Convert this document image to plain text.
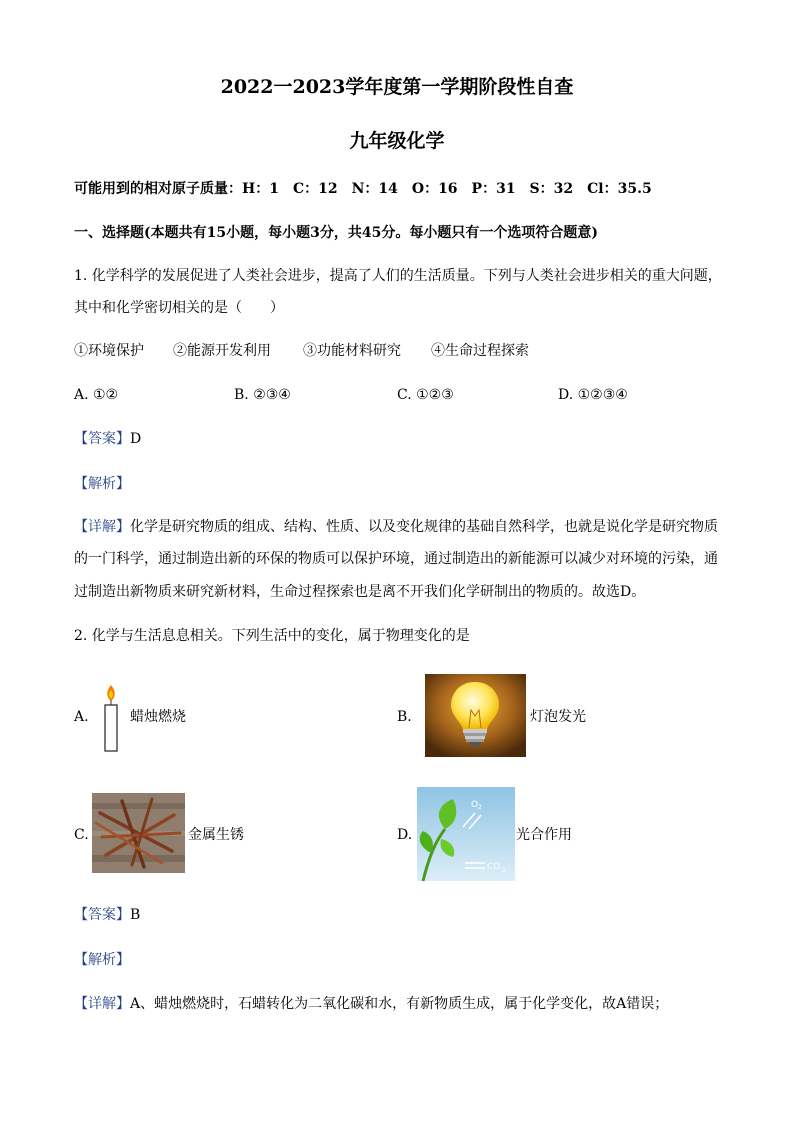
2022一2023学年度第一学期阶段性自查
九年级化学
可能用到的相对原子质量：H：1　C：12　N：14　O：16　P：31　S：32　Cl：35.5
一、选择题(本题共有15小题，每小题3分，共45分。每小题只有一个选项符合题意)
1. 化学科学的发展促进了人类社会进步，提高了人们的生活质量。下列与人类社会进步相关的重大问题，
其中和化学密切相关的是（　　）
①环境保护 ②能源开发利用 ③功能材料研究 ④生命过程探索
A. ①②	B. ②③④	C. ①②③	D. ①②③④
【答案】D
【解析】
【详解】化学是研究物质的组成、结构、性质、以及变化规律的基础自然科学，也就是说化学是研究物质
的一门科学，通过制造出新的环保的物质可以保护环境，通过制造出的新能源可以减少对环境的污染，通
过制造出新物质来研究新材料，生命过程探索也是离不开我们化学研制出的物质的。故选D。
2. 化学与生活息息相关。下列生活中的变化，属于物理变化的是
A.	蜡烛燃烧	B.	灯泡发光
C.	金属生锈	D.
O 2
CO 2
光合作用
【答案】B
【解析】
【详解】A、蜡烛燃烧时，石蜡转化为二氧化碳和水，有新物质生成，属于化学变化，故A错误；
